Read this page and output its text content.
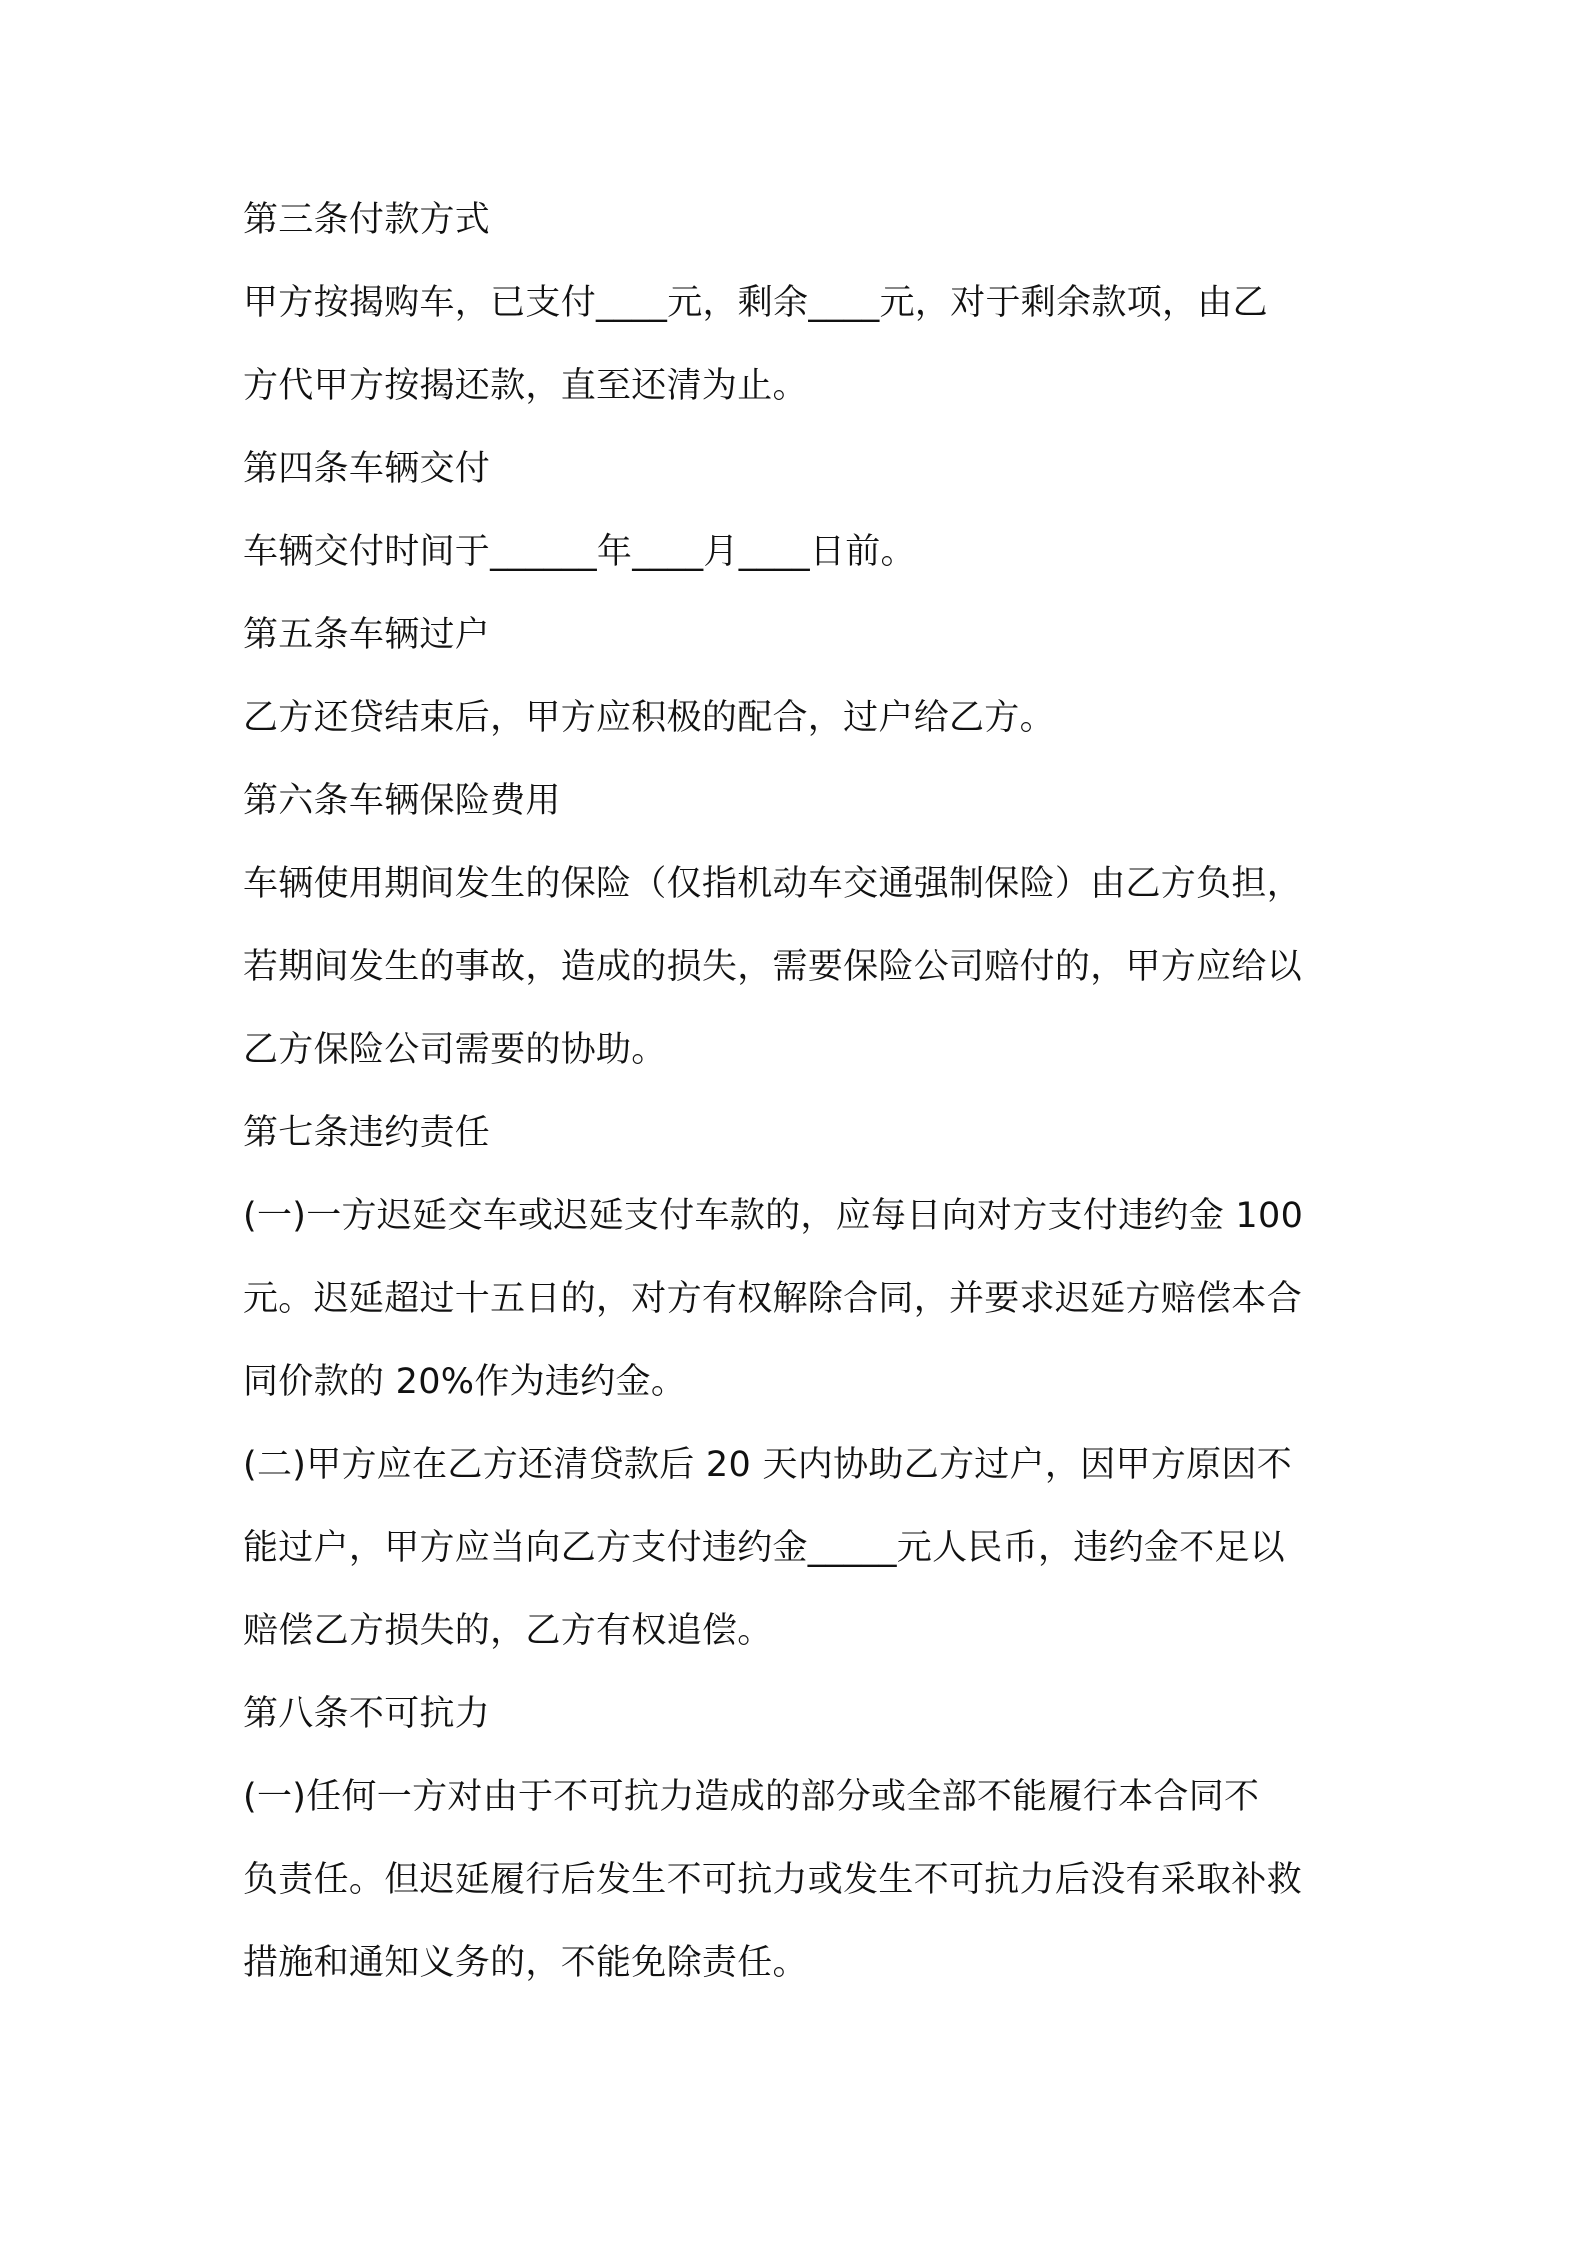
第三条付款方式
甲方按揭购车，已支付____元，剩余____元，对于剩余款项，由乙
方代甲方按揭还款，直至还清为止。
第四条车辆交付
车辆交付时间于______年____月____日前。
第五条车辆过户
乙方还贷结束后，甲方应积极的配合，过户给乙方。
第六条车辆保险费用
车辆使用期间发生的保险（仅指机动车交通强制保险）由乙方负担，
若期间发生的事故，造成的损失，需要保险公司赔付的，甲方应给以
乙方保险公司需要的协助。
第七条违约责任
(一)一方迟延交车或迟延支付车款的，应每日向对方支付违约金 100
元。迟延超过十五日的，对方有权解除合同，并要求迟延方赔偿本合
同价款的 20%作为违约金。
(二)甲方应在乙方还清贷款后 20 天内协助乙方过户，因甲方原因不
能过户，甲方应当向乙方支付违约金_____元人民币，违约金不足以
赔偿乙方损失的，乙方有权追偿。
第八条不可抗力
(一)任何一方对由于不可抗力造成的部分或全部不能履行本合同不
负责任。但迟延履行后发生不可抗力或发生不可抗力后没有采取补救
措施和通知义务的，不能免除责任。
